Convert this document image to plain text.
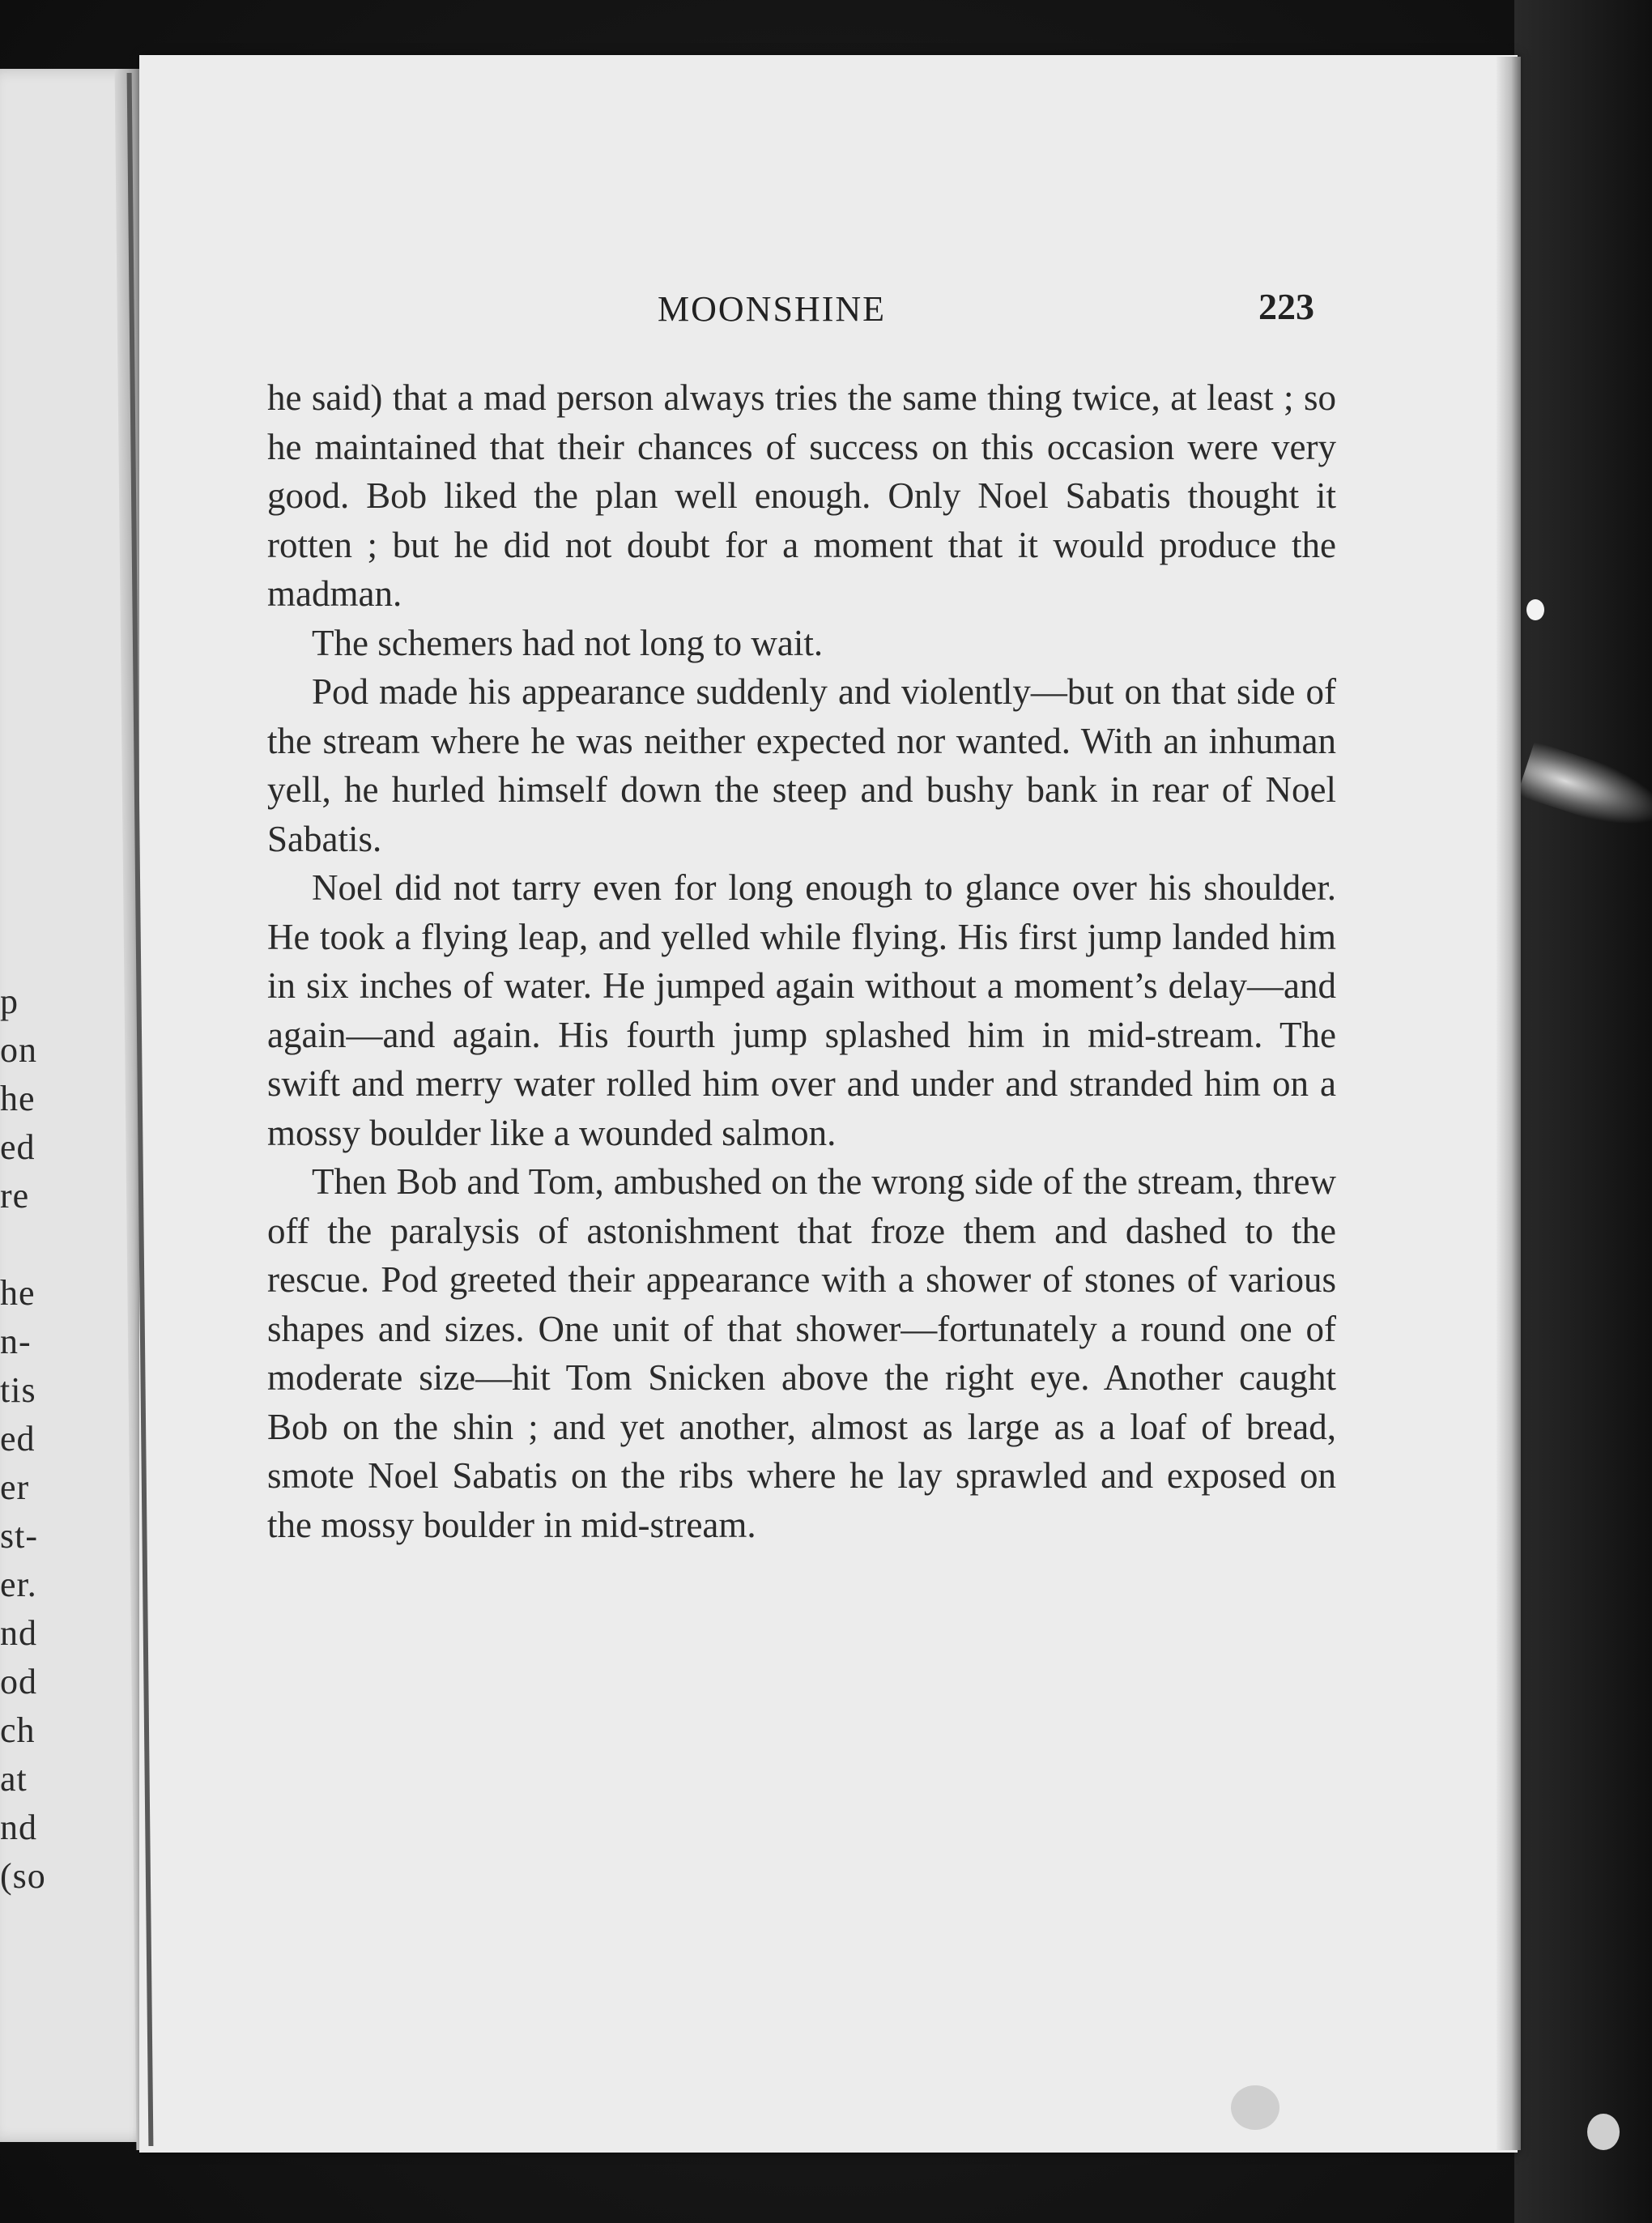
p
on
he
ed
re
he
n-
tis
ed
er
st-
er.
nd
od
ch
at
nd
(so
MOONSHINE	223

he said) that a mad person always tries the same thing twice, at least ; so he maintained that their chances of success on this occasion were very good. Bob liked the plan well enough. Only Noel Sabatis thought it rotten ; but he did not doubt for a moment that it would produce the madman.

The schemers had not long to wait.

Pod made his appearance suddenly and violently—but on that side of the stream where he was neither expected nor wanted. With an inhuman yell, he hurled himself down the steep and bushy bank in rear of Noel Sabatis.

Noel did not tarry even for long enough to glance over his shoulder. He took a flying leap, and yelled while flying. His first jump landed him in six inches of water. He jumped again without a moment’s delay—and again—and again. His fourth jump splashed him in mid-stream. The swift and merry water rolled him over and under and stranded him on a mossy boulder like a wounded salmon.

Then Bob and Tom, ambushed on the wrong side of the stream, threw off the paralysis of astonishment that froze them and dashed to the rescue. Pod greeted their appearance with a shower of stones of various shapes and sizes. One unit of that shower—fortunately a round one of moderate size—hit Tom Snicken above the right eye. Another caught Bob on the shin ; and yet another, almost as large as a loaf of bread, smote Noel Sabatis on the ribs where he lay sprawled and exposed on the mossy boulder in mid-stream.
